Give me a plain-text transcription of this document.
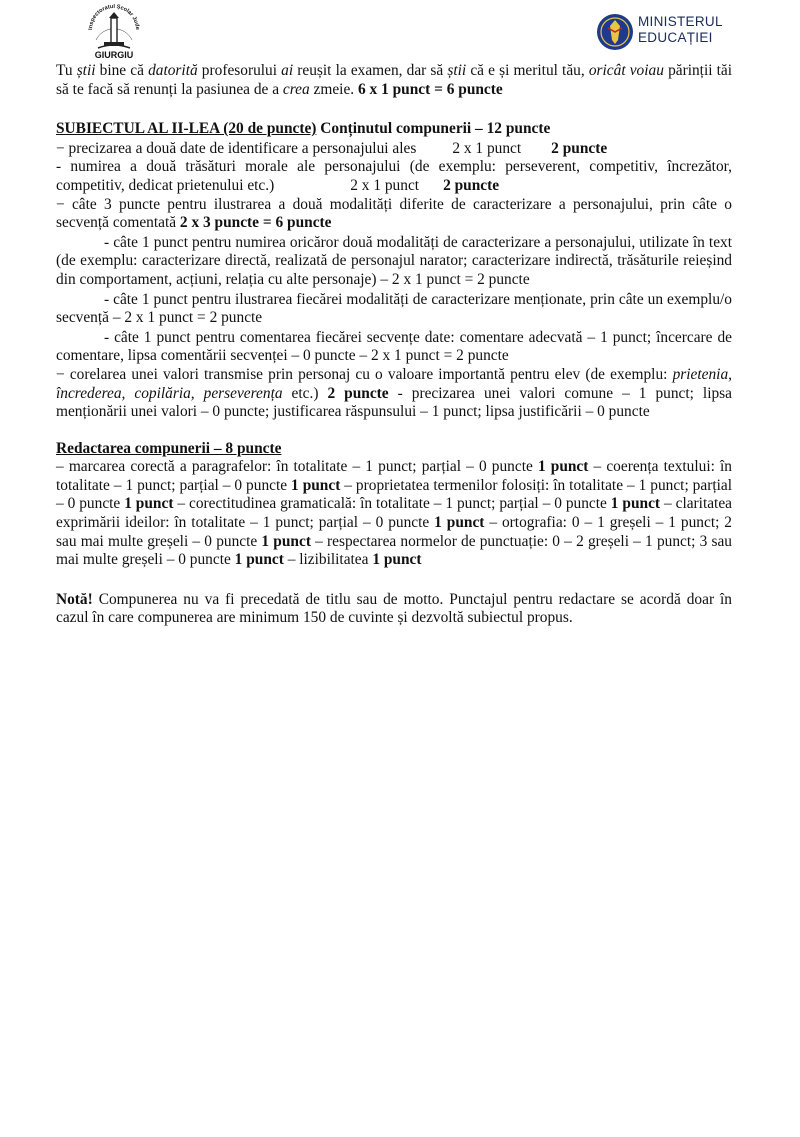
GIURGIU
Inspectoratul Școlar Jude	MINISTERUL
EDUCAȚIEI

Tu știi bine că datorită profesorului ai reușit la examen, dar să știi că e și meritul tău, oricât voiau părinții tăi să te facă să renunți la pasiunea de a crea zmeie. 6 x 1 punct = 6 puncte

SUBIECTUL AL II-LEA (20 de puncte) Conținutul compunerii – 12 puncte

− precizarea a două date de identificare a personajului ales 2 x 1 punct 2 puncte

- numirea a două trăsături morale ale personajului (de exemplu: perseverent, competitiv, încrezător, competitiv, dedicat prietenului etc.)	2 x 1 punct 2 puncte

− câte 3 puncte pentru ilustrarea a două modalități diferite de caracterizare a personajului, prin câte o secvență comentată 2 x 3 puncte = 6 puncte

- câte 1 punct pentru numirea oricăror două modalități de caracterizare a personajului, utilizate în text (de exemplu: caracterizare directă, realizată de personajul narator; caracterizare indirectă, trăsăturile reieșind din comportament, acțiuni, relația cu alte personaje) – 2 x 1 punct = 2 puncte

- câte 1 punct pentru ilustrarea fiecărei modalități de caracterizare menționate, prin câte un exemplu/o secvență – 2 x 1 punct = 2 puncte

- câte 1 punct pentru comentarea fiecărei secvențe date: comentare adecvată – 1 punct; încercare de comentare, lipsa comentării secvenței – 0 puncte – 2 x 1 punct = 2 puncte

− corelarea unei valori transmise prin personaj cu o valoare importantă pentru elev (de exemplu: prietenia, încrederea, copilăria, perseverența etc.) 2 puncte - precizarea unei valori comune – 1 punct; lipsa menționării unei valori – 0 puncte; justificarea răspunsului – 1 punct; lipsa justificării – 0 puncte

Redactarea compunerii – 8 puncte

– marcarea corectă a paragrafelor: în totalitate – 1 punct; parțial – 0 puncte 1 punct – coerența textului: în totalitate – 1 punct; parțial – 0 puncte 1 punct – proprietatea termenilor folosiți: în totalitate – 1 punct; parțial – 0 puncte 1 punct – corectitudinea gramaticală: în totalitate – 1 punct; parțial – 0 puncte 1 punct – claritatea exprimării ideilor: în totalitate – 1 punct; parțial – 0 puncte 1 punct – ortografia: 0 – 1 greșeli – 1 punct; 2 sau mai multe greșeli – 0 puncte 1 punct – respectarea normelor de punctuație: 0 – 2 greșeli – 1 punct; 3 sau mai multe greșeli – 0 puncte 1 punct – lizibilitatea 1 punct

Notă! Compunerea nu va fi precedată de titlu sau de motto. Punctajul pentru redactare se acordă doar în cazul în care compunerea are minimum 150 de cuvinte și dezvoltă subiectul propus.
